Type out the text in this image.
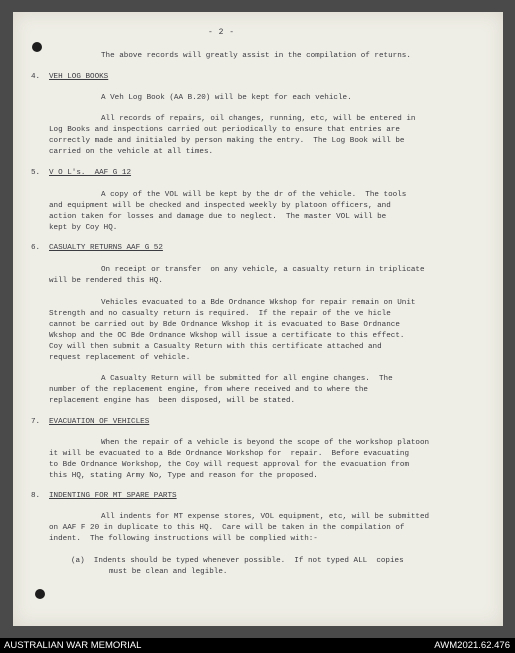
- 2 -
The above records will greatly assist in the compilation of returns.
4. VEH LOG BOOKS
A Veh Log Book (AA B.20) will be kept for each vehicle.
All records of repairs, oil changes, running, etc, will be entered in
Log Books and inspections carried out periodically to ensure that entries are
correctly made and initialed by person making the entry.  The Log Book will be
carried on the vehicle at all times.
5. V O L's.  AAF G 12
A copy of the VOL will be kept by the dr of the vehicle.  The tools
and equipment will be checked and inspected weekly by platoon officers, and
action taken for losses and damage due to neglect.  The master VOL will be
kept by Coy HQ.
6. CASUALTY RETURNS AAF G 52
On receipt or transfer  on any vehicle, a casualty return in triplicate
will be rendered this HQ.
Vehicles evacuated to a Bde Ordnance Wkshop for repair remain on Unit
Strength and no casualty return is required.  If the repair of the ve hicle
cannot be carried out by Bde Ordnance Wkshop it is evacuated to Base Ordnance
Wkshop and the OC Bde Ordnance Wkshop will issue a certificate to this effect.
Coy will then submit a Casualty Return with this certificate attached and
request replacement of vehicle.
A Casualty Return will be submitted for all engine changes.  The
number of the replacement engine, from where received and to where the
replacement engine has  been disposed, will be stated.
7. EVACUATION OF VEHICLES
When the repair of a vehicle is beyond the scope of the workshop platoon
it will be evacuated to a Bde Ordnance Workshop for  repair.  Before evacuating
to Bde Ordnance Workshop, the Coy will request approval for the evacuation from
this HQ, stating Army No, Type and reason for the proposed.
8. INDENTING FOR MT SPARE PARTS
All indents for MT expense stores, VOL equipment, etc, will be submitted
on AAF F 20 in duplicate to this HQ.  Care will be taken in the compilation of
indent.  The following instructions will be complied with:-
(a)  Indents should be typed whenever possible.  If not typed ALL  copies
must be clean and legible.
AUSTRALIAN WAR MEMORIAL	AWM2021.62.476
